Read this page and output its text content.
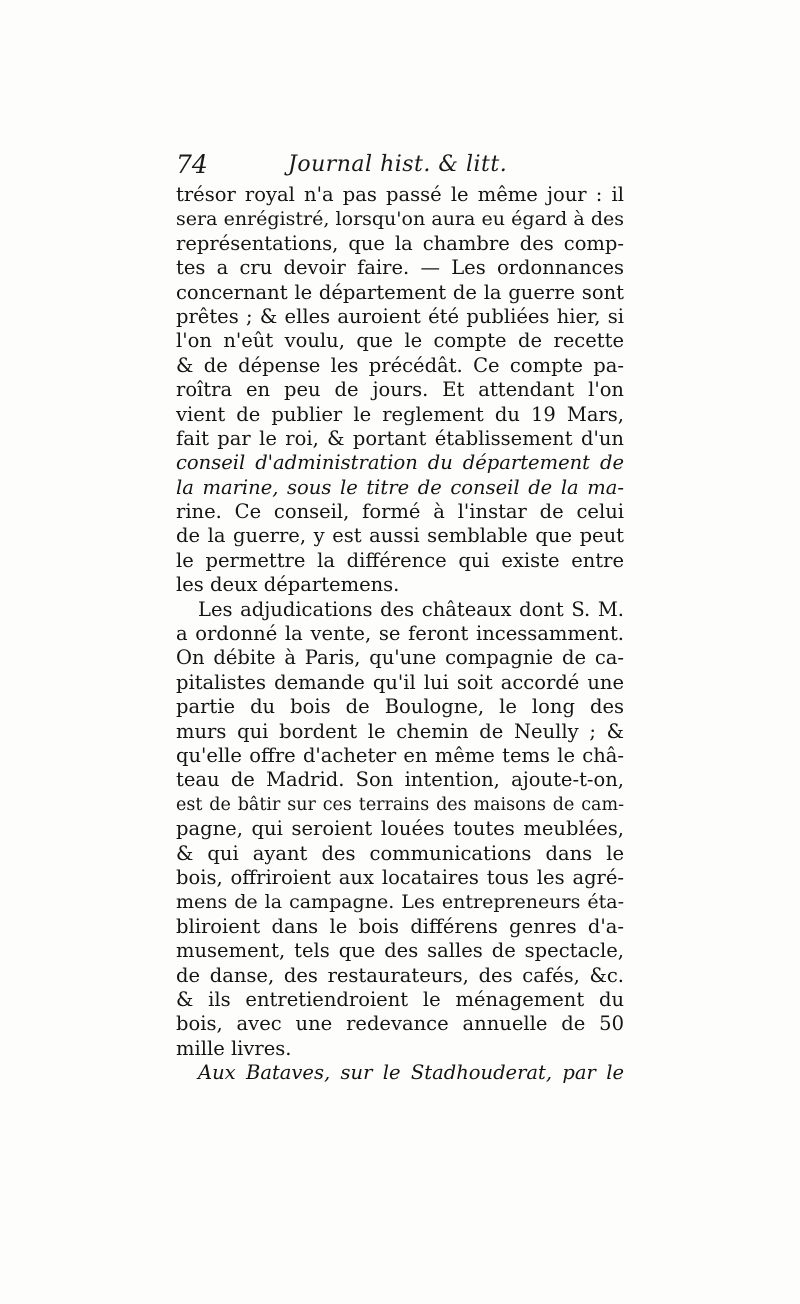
74	Journal hist. & litt.
trésor royal n'a pas passé le même jour : il
sera enrégistré, lorsqu'on aura eu égard à des
représentations, que la chambre des comp-
tes a cru devoir faire. — Les ordonnances
concernant le département de la guerre sont
prêtes ; & elles auroient été publiées hier, si
l'on n'eût voulu, que le compte de recette
& de dépense les précédât. Ce compte pa-
roîtra en peu de jours. Et attendant l'on
vient de publier le reglement du 19 Mars,
fait par le roi, & portant établissement d'un
conseil d'administration du département de
la marine, sous le titre de conseil de la ma-
rine. Ce conseil, formé à l'instar de celui
de la guerre, y est aussi semblable que peut
le permettre la différence qui existe entre
les deux départemens.
Les adjudications des châteaux dont S. M.
a ordonné la vente, se feront incessamment.
On débite à Paris, qu'une compagnie de ca-
pitalistes demande qu'il lui soit accordé une
partie du bois de Boulogne, le long des
murs qui bordent le chemin de Neully ; &
qu'elle offre d'acheter en même tems le châ-
teau de Madrid. Son intention, ajoute-t-on,
est de bâtir sur ces terrains des maisons de cam-
pagne, qui seroient louées toutes meublées,
& qui ayant des communications dans le
bois, offriroient aux locataires tous les agré-
mens de la campagne. Les entrepreneurs éta-
bliroient dans le bois différens genres d'a-
musement, tels que des salles de spectacle,
de danse, des restaurateurs, des cafés, &c.
& ils entretiendroient le ménagement du
bois, avec une redevance annuelle de 50
mille livres.
Aux Bataves, sur le Stadhouderat, par le
